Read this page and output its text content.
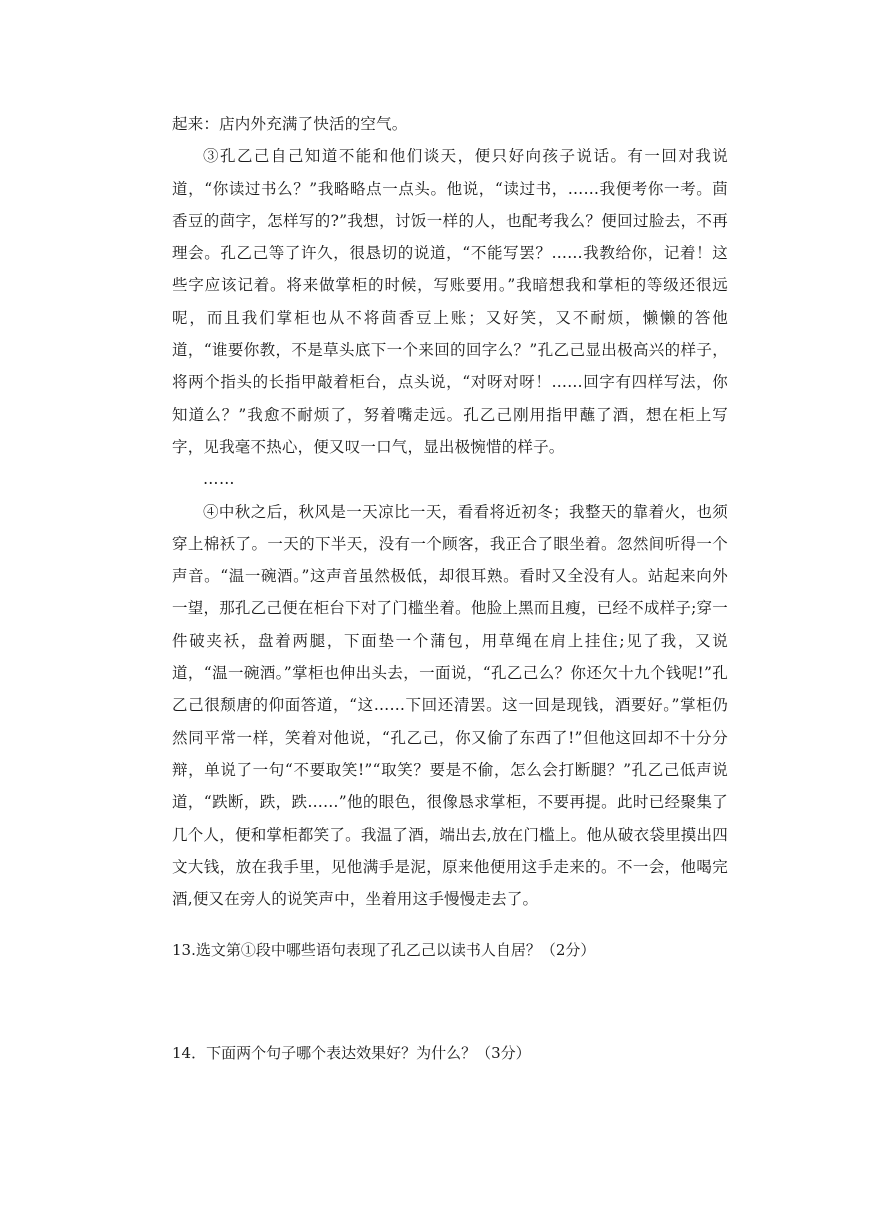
起来：店内外充满了快活的空气。

③孔乙己自己知道不能和他们谈天，便只好向孩子说话。有一回对我说道，“你读过书么？”我略略点一点头。他说，“读过书，……我便考你一考。茴香豆的茴字，怎样写的?”我想，讨饭一样的人，也配考我么？便回过脸去，不再理会。孔乙己等了许久，很恳切的说道，“不能写罢？……我教给你，记着！这些字应该记着。将来做掌柜的时候，写账要用。”我暗想我和掌柜的等级还很远呢，而且我们掌柜也从不将茴香豆上账；又好笑，又不耐烦，懒懒的答他道，“谁要你教，不是草头底下一个来回的回字么？”孔乙己显出极高兴的样子，将两个指头的长指甲敲着柜台，点头说，“对呀对呀！……回字有四样写法，你知道么？”我愈不耐烦了，努着嘴走远。孔乙己刚用指甲蘸了酒，想在柜上写字，见我毫不热心，便又叹一口气，显出极惋惜的样子。

……

④中秋之后，秋风是一天凉比一天，看看将近初冬；我整天的靠着火，也须穿上棉袄了。一天的下半天，没有一个顾客，我正合了眼坐着。忽然间听得一个声音。“温一碗酒。”这声音虽然极低，却很耳熟。看时又全没有人。站起来向外一望，那孔乙己便在柜台下对了门槛坐着。他脸上黑而且瘦，已经不成样子;穿一件破夹袄，盘着两腿，下面垫一个蒲包，用草绳在肩上挂住;见了我，又说道，“温一碗酒。”掌柜也伸出头去，一面说，“孔乙己么？你还欠十九个钱呢!”孔乙己很颓唐的仰面答道，“这……下回还清罢。这一回是现钱，酒要好。”掌柜仍然同平常一样，笑着对他说，“孔乙己，你又偷了东西了!”但他这回却不十分分辩，单说了一句“不要取笑!”“取笑？要是不偷，怎么会打断腿？”孔乙己低声说道，“跌断，跌，跌……”他的眼色，很像恳求掌柜，不要再提。此时已经聚集了几个人，便和掌柜都笑了。我温了酒，端出去,放在门槛上。他从破衣袋里摸出四文大钱，放在我手里，见他满手是泥，原来他便用这手走来的。不一会，他喝完酒,便又在旁人的说笑声中，坐着用这手慢慢走去了。

13.选文第①段中哪些语句表现了孔乙己以读书人自居？（2分）

14．下面两个句子哪个表达效果好？为什么？（3分）
